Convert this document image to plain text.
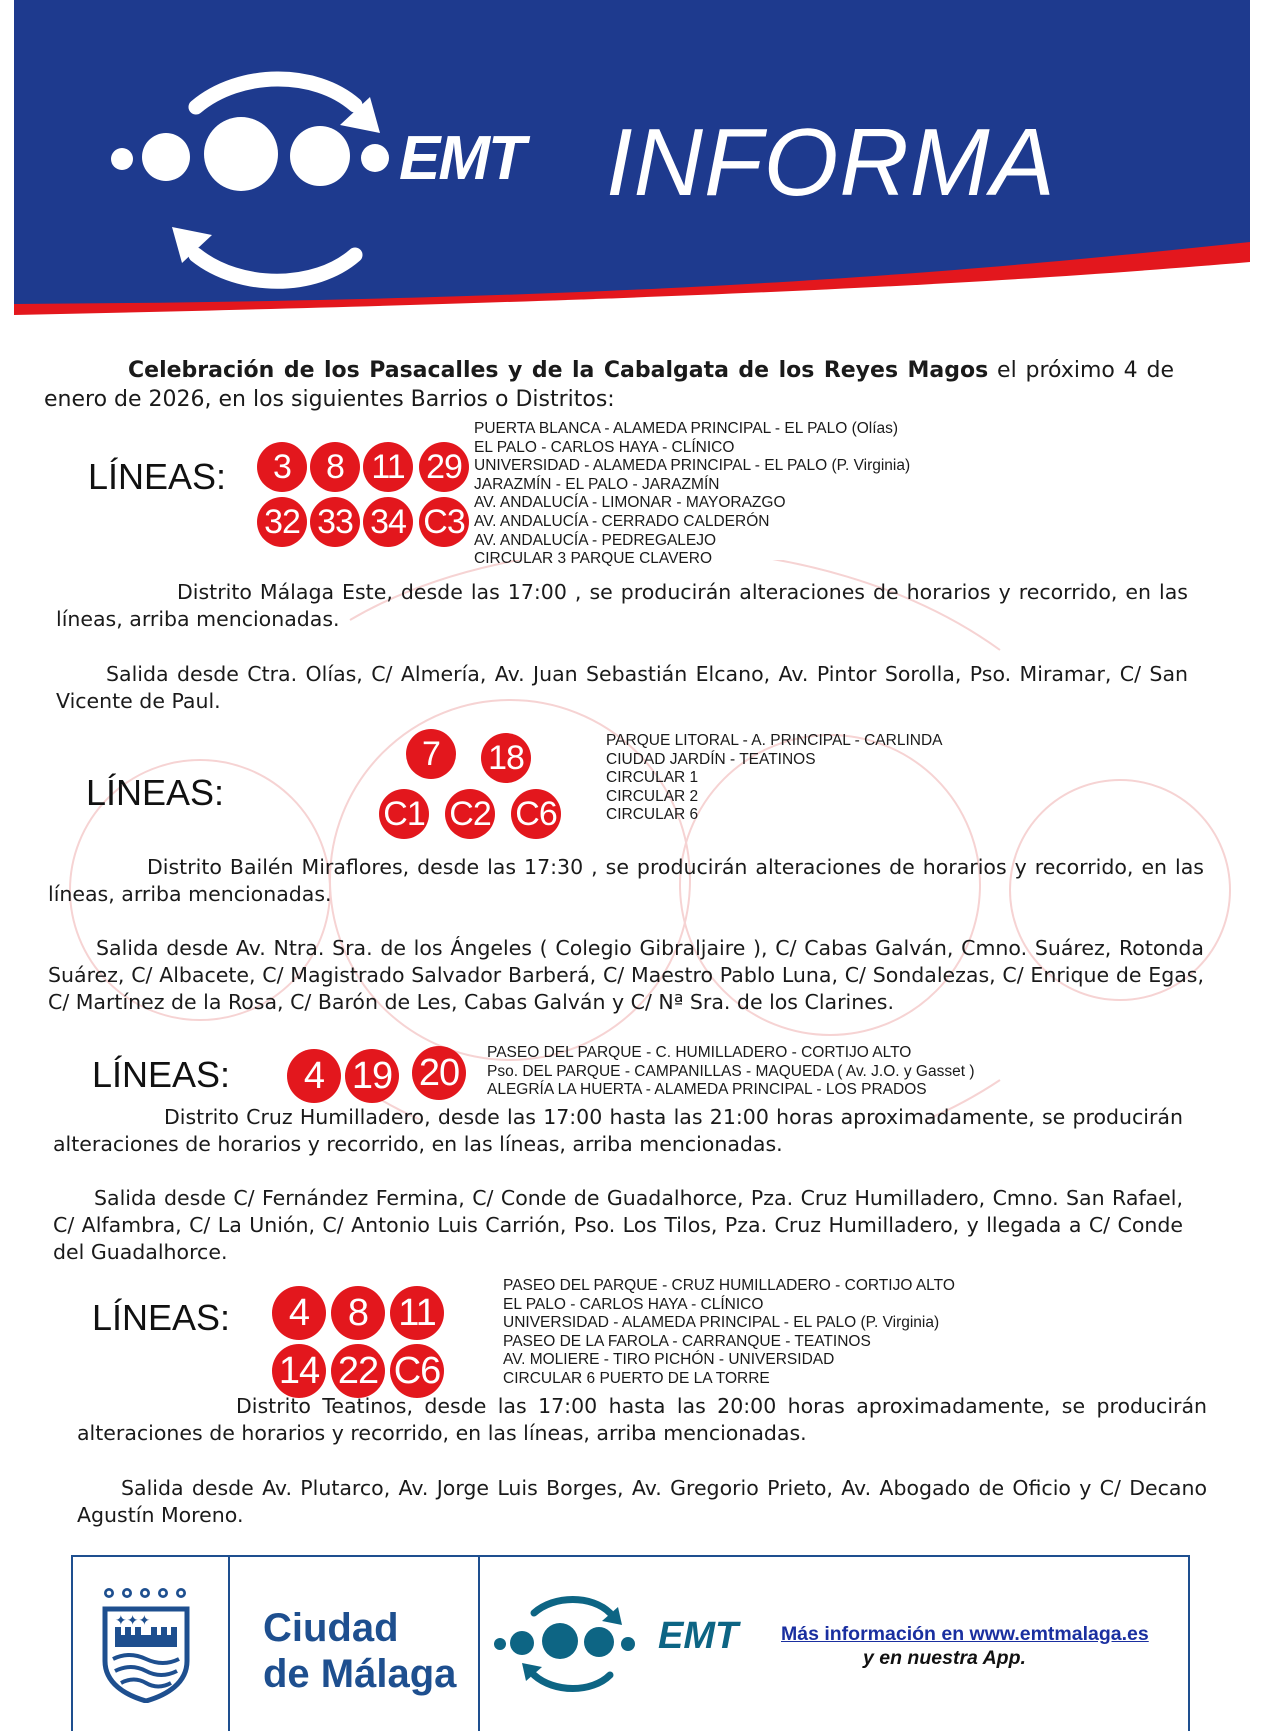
EMT INFORMA

Celebración de los Pasacalles y de la Cabalgata de los Reyes Magos el próximo 4 de enero de 2026, en los siguientes Barrios o Distritos:

LÍNEAS:	3	8 11 29
32 33 34 C3
PUERTA BLANCA - ALAMEDA PRINCIPAL - EL PALO (Olías)
EL PALO - CARLOS HAYA - CLÍNICO
UNIVERSIDAD - ALAMEDA PRINCIPAL - EL PALO (P. Virginia)
JARAZMÍN - EL PALO - JARAZMÍN
AV. ANDALUCÍA - LIMONAR - MAYORAZGO
AV. ANDALUCÍA - CERRADO CALDERÓN
AV. ANDALUCÍA - PEDREGALEJO
CIRCULAR 3 PARQUE CLAVERO

Distrito Málaga Este, desde las 17:00 , se producirán alteraciones de horarios y recorrido, en las líneas, arriba mencionadas.

Salida desde Ctra. Olías, C/ Almería, Av. Juan Sebastián Elcano, Av. Pintor Sorolla, Pso. Miramar, C/ San Vicente de Paul.

LÍNEAS:
7	18
C1 C2 C6
PARQUE LITORAL - A. PRINCIPAL - CARLINDA
CIUDAD JARDÍN - TEATINOS
CIRCULAR 1
CIRCULAR 2
CIRCULAR 6

Distrito Bailén Miraflores, desde las 17:30 , se producirán alteraciones de horarios y recorrido, en las líneas, arriba mencionadas.

Salida desde Av. Ntra. Sra. de los Ángeles ( Colegio Gibraljaire ), C/ Cabas Galván, Cmno. Suárez, Rotonda Suárez, C/ Albacete, C/ Magistrado Salvador Barberá, C/ Maestro Pablo Luna, C/ Sondalezas, C/ Enrique de Egas, C/ Martínez de la Rosa, C/ Barón de Les, Cabas Galván y C/ Nª Sra. de los Clarines.

LÍNEAS:	4 19 20	PASEO DEL PARQUE - C. HUMILLADERO - CORTIJO ALTO
Pso. DEL PARQUE - CAMPANILLAS - MAQUEDA ( Av. J.O. y Gasset )
ALEGRÍA LA HUERTA - ALAMEDA PRINCIPAL - LOS PRADOS

Distrito Cruz Humilladero, desde las 17:00 hasta las 21:00 horas aproximadamente, se producirán alteraciones de horarios y recorrido, en las líneas, arriba mencionadas.

Salida desde C/ Fernández Fermina, C/ Conde de Guadalhorce, Pza. Cruz Humilladero, Cmno. San Rafael, C/ Alfambra, C/ La Unión, C/ Antonio Luis Carrión, Pso. Los Tilos, Pza. Cruz Humilladero, y llegada a C/ Conde del Guadalhorce.

LÍNEAS:	4	8 11
14 22 C6
PASEO DEL PARQUE - CRUZ HUMILLADERO - CORTIJO ALTO
EL PALO - CARLOS HAYA - CLÍNICO
UNIVERSIDAD - ALAMEDA PRINCIPAL - EL PALO (P. Virginia)
PASEO DE LA FAROLA - CARRANQUE - TEATINOS
AV. MOLIERE - TIRO PICHÓN - UNIVERSIDAD
CIRCULAR 6 PUERTO DE LA TORRE

Distrito Teatinos, desde las 17:00 hasta las 20:00 horas aproximadamente, se producirán alteraciones de horarios y recorrido, en las líneas, arriba mencionadas.

Salida desde Av. Plutarco, Av. Jorge Luis Borges, Av. Gregorio Prieto, Av. Abogado de Oficio y C/ Decano Agustín Moreno.

✦✦✦	Ciudad
de Málaga
EMT Más información en www.emtmalaga.es
y en nuestra App.
